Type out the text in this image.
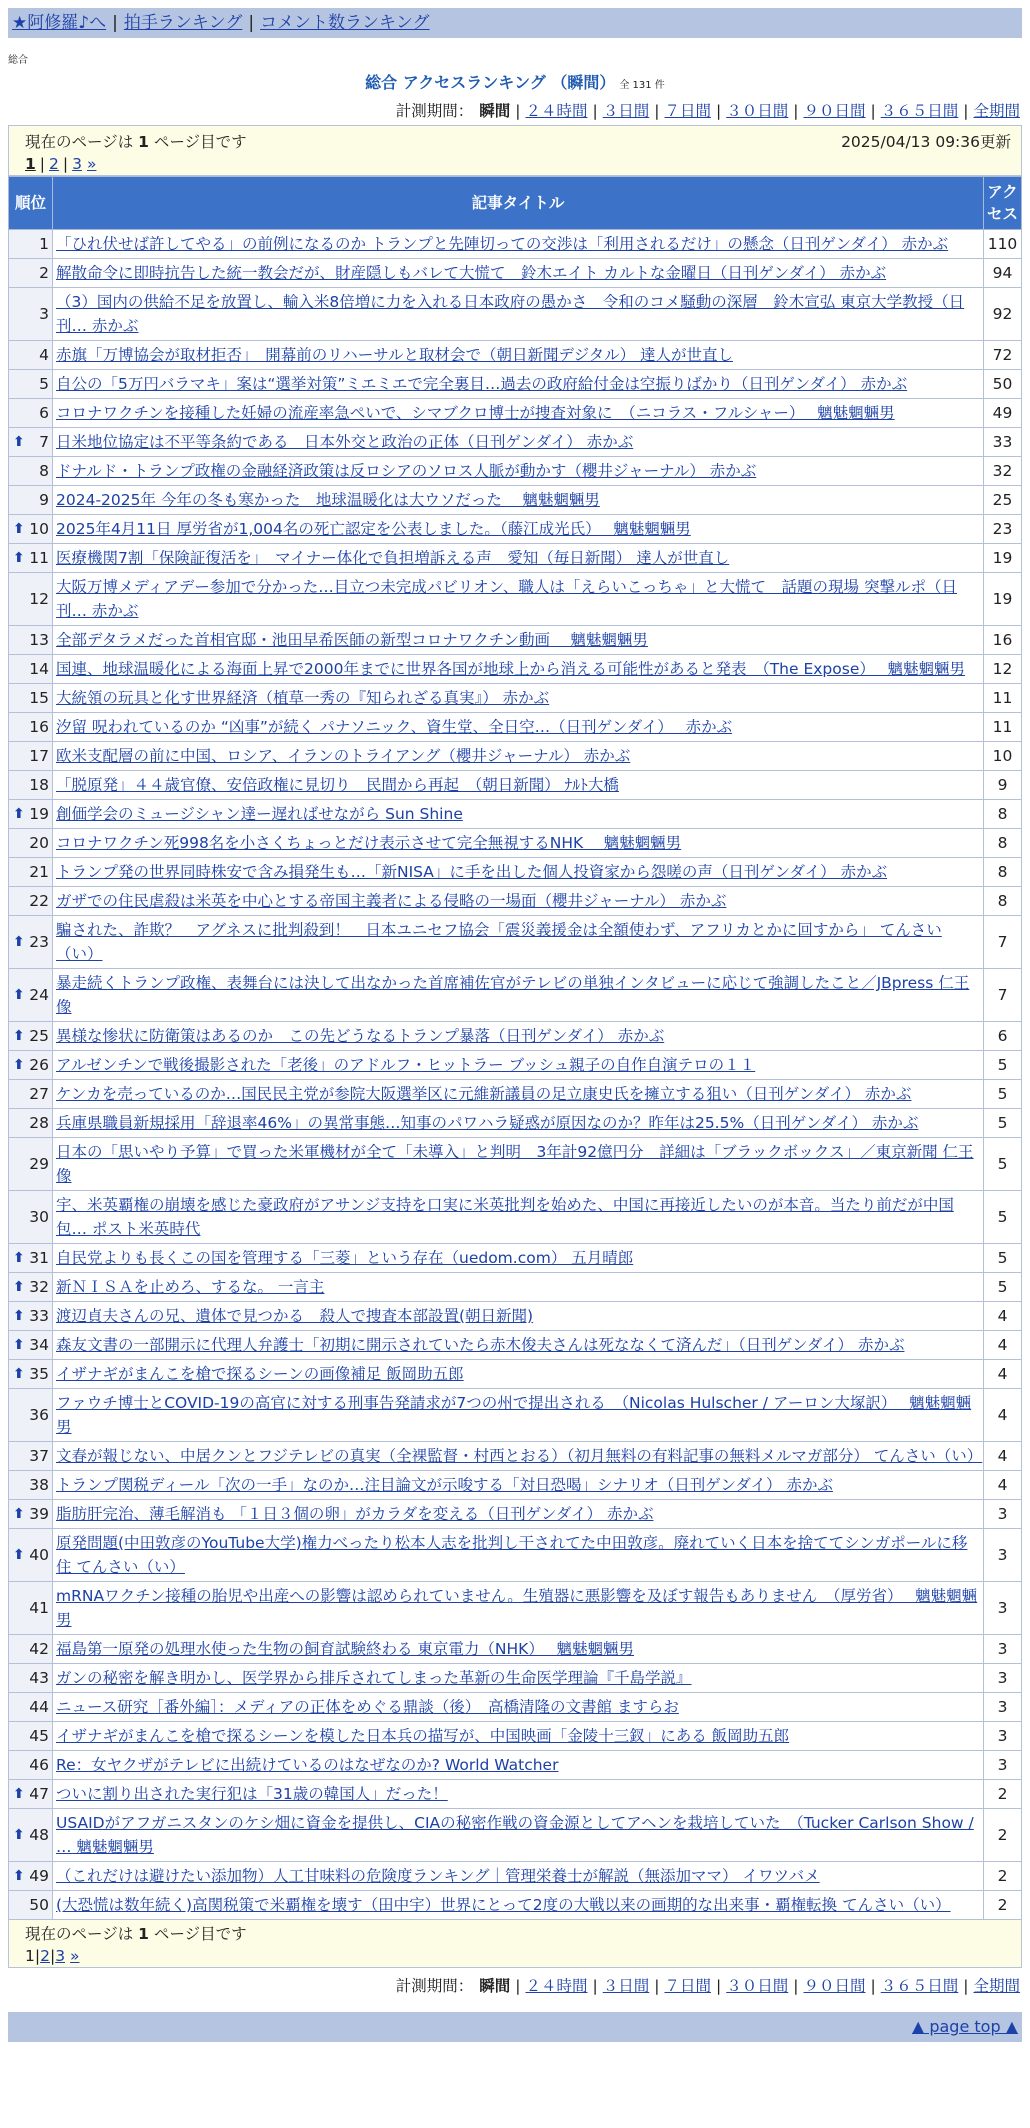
★阿修羅♪へ | 拍手ランキング | コメント数ランキング
総合
総合 アクセスランキング （瞬間） 全 131 件
計測期間： 瞬間 | ２４時間 | ３日間 | ７日間 | ３０日間 | ９０日間 | ３６５日間 | 全期間
現在のページは 1 ページ目です	2025/04/13 09:36更新
1 | 2 | 3 »
順位	記事タイトル	アクセス
1	「ひれ伏せば許してやる」の前例になるのか トランプと先陣切っての交渉は「利用されるだけ」の懸念（日刊ゲンダイ） 赤かぶ	110
2	解散命令に即時抗告した統一教会だが、財産隠しもバレて大慌て　鈴木エイト カルトな金曜日（日刊ゲンダイ） 赤かぶ	94
3	（3）国内の供給不足を放置し、輸入米8倍増に力を入れる日本政府の愚かさ　令和のコメ騒動の深層　鈴木宣弘 東京大学教授（日刊… 赤かぶ	92
4	赤旗「万博協会が取材拒否」　開幕前のリハーサルと取材会で（朝日新聞デジタル） 達人が世直し	72
5	自公の「5万円バラマキ」案は“選挙対策”ミエミエで完全裏目…過去の政府給付金は空振りばかり（日刊ゲンダイ） 赤かぶ	50
6	コロナワクチンを接種した妊婦の流産率急ぺいで、シマブクロ博士が捜査対象に　（ニコラス・フルシャー）　 魑魅魍魎男	49

⬆ 7	日米地位協定は不平等条約である　日本外交と政治の正体（日刊ゲンダイ） 赤かぶ	33
8	ドナルド・トランプ政権の金融経済政策は反ロシアのソロス人脈が動かす（櫻井ジャーナル） 赤かぶ	32
9	2024-2025年 今年の冬も寒かった　地球温暖化は大ウソだった　 魑魅魍魎男	25

⬆ 10	2025年4月11日 厚労省が1,004名の死亡認定を公表しました。（藤江成光氏）　 魑魅魍魎男	23

⬆ 11	医療機関7割「保険証復活を」　マイナー体化で負担増訴える声　愛知（毎日新聞） 達人が世直し	19
12	大阪万博メディアデー参加で分かった…目立つ未完成パビリオン、職人は「えらいこっちゃ」と大慌て　話題の現場 突撃ルポ（日刊… 赤かぶ	19
13	全部デタラメだった首相官邸・池田早希医師の新型コロナワクチン動画　 魑魅魍魎男	16
14	国連、地球温暖化による海面上昇で2000年までに世界各国が地球上から消える可能性があると発表　（The Expose）　 魑魅魍魎男	12
15	大統領の玩具と化す世界経済（植草一秀の『知られざる真実』） 赤かぶ	11
16	汐留 呪われているのか “凶事”が続く パナソニック、資生堂、全日空…（日刊ゲンダイ）　 赤かぶ	11
17	欧米支配層の前に中国、ロシア、イランのトライアング（櫻井ジャーナル） 赤かぶ	10
18	「脱原発」４４歳官僚、安倍政権に見切り　民間から再起　（朝日新聞） ﾅﾙﾄ大橋	9

⬆ 19	創価学会のミュージシャン達ー遅ればせながら Sun Shine	8
20	コロナワクチン死998名を小さくちょっとだけ表示させて完全無視するNHK　 魑魅魍魎男	8
21	トランプ発の世界同時株安で含み損発生も…「新NISA」に手を出した個人投資家から怨嗟の声（日刊ゲンダイ） 赤かぶ	8
22	ガザでの住民虐殺は米英を中心とする帝国主義者による侵略の一場面（櫻井ジャーナル） 赤かぶ	8

⬆ 23	騙された、詐欺？　アグネスに批判殺到！　日本ユニセフ協会「震災義援金は全額使わず、アフリカとかに回すから」 てんさい（い）	7

⬆ 24	暴走続くトランプ政権、表舞台には決して出なかった首席補佐官がテレビの単独インタビューに応じて強調したこと／JBpress 仁王像	7

⬆ 25	異様な惨状に防衛策はあるのか　この先どうなるトランプ暴落（日刊ゲンダイ） 赤かぶ	6

⬆ 26	アルゼンチンで戦後撮影された「老後」のアドルフ・ヒットラー ブッシュ親子の自作自演テロの１１	5
27	ケンカを売っているのか…国民民主党が参院大阪選挙区に元維新議員の足立康史氏を擁立する狙い（日刊ゲンダイ） 赤かぶ	5
28	兵庫県職員新規採用「辞退率46%」の異常事態…知事のパワハラ疑惑が原因なのか？昨年は25.5%（日刊ゲンダイ） 赤かぶ	5
29	日本の「思いやり予算」で買った米軍機材が全て「未導入」と判明　3年計92億円分　詳細は「ブラックボックス」／東京新聞 仁王像	5
30	宇、米英覇権の崩壊を感じた豪政府がアサンジ支持を口実に米英批判を始めた、中国に再接近したいのが本音。当たり前だが中国包… ポスト米英時代	5

⬆ 31	自民党よりも長くこの国を管理する「三菱」という存在（uedom.com） 五月晴郎	5

⬆ 32	新ＮＩＳＡを止めろ、するな。 一言主	5

⬆ 33	渡辺貞夫さんの兄、遺体で見つかる　殺人で捜査本部設置(朝日新聞)	4

⬆ 34	森友文書の一部開示に代理人弁護士「初期に開示されていたら赤木俊夫さんは死ななくて済んだ」（日刊ゲンダイ） 赤かぶ	4

⬆ 35	イザナギがまんこを槍で探るシーンの画像補足 飯岡助五郎	4
36	ファウチ博士とCOVID-19の高官に対する刑事告発請求が7つの州で提出される　（Nicolas Hulscher / アーロン大塚訳）　 魑魅魍魎男	4
37	文春が報じない、中居クンとフジテレビの真実（全裸監督・村西とおる）（初月無料の有料記事の無料メルマガ部分） てんさい（い）	4
38	トランプ関税ディール「次の一手」なのか…注目論文が示唆する「対日恐喝」シナリオ（日刊ゲンダイ） 赤かぶ	4

⬆ 39	脂肪肝完治、薄毛解消も 「１日３個の卵」がカラダを変える（日刊ゲンダイ） 赤かぶ	3

⬆ 40	原発問題(中田敦彦のYouTube大学)権力べったり松本人志を批判し干されてた中田敦彦。廃れていく日本を捨ててシンガポールに移住 てんさい（い）	3
41	mRNAワクチン接種の胎児や出産への影響は認められていません。生殖器に悪影響を及ぼす報告もありません　（厚労省）　 魑魅魍魎男	3
42	福島第一原発の処理水使った生物の飼育試験終わる 東京電力（NHK）　 魑魅魍魎男	3
43	ガンの秘密を解き明かし、医学界から排斥されてしまった革新の生命医学理論『千島学説』	3
44	ニュース研究［番外編］：メディアの正体をめぐる鼎談（後）　高橋清隆の文書館 ますらお	3
45	イザナギがまんこを槍で探るシーンを模した日本兵の描写が、中国映画「金陵十三釵」にある 飯岡助五郎	3
46	Re：女ヤクザがテレビに出続けているのはなぜなのか? World Watcher	3

⬆ 47	ついに割り出された実行犯は「31歳の韓国人」だった！	2

⬆ 48	USAIDがアフガニスタンのケシ畑に資金を提供し、CIAの秘密作戦の資金源としてアヘンを栽培していた　（Tucker Carlson Show / … 魑魅魍魎男	2

⬆ 49	（これだけは避けたい添加物）人工甘味料の危険度ランキング｜管理栄養士が解説（無添加ママ） イワツバメ	2
50	(大恐慌は数年続く)高関税策で米覇権を壊す（田中宇）世界にとって2度の大戦以来の画期的な出来事・覇権転換 てんさい（い）	2
現在のページは 1 ページ目です
1|2|3 »
計測期間： 瞬間 | ２４時間 | ３日間 | ７日間 | ３０日間 | ９０日間 | ３６５日間 | 全期間
▲ page top ▲
